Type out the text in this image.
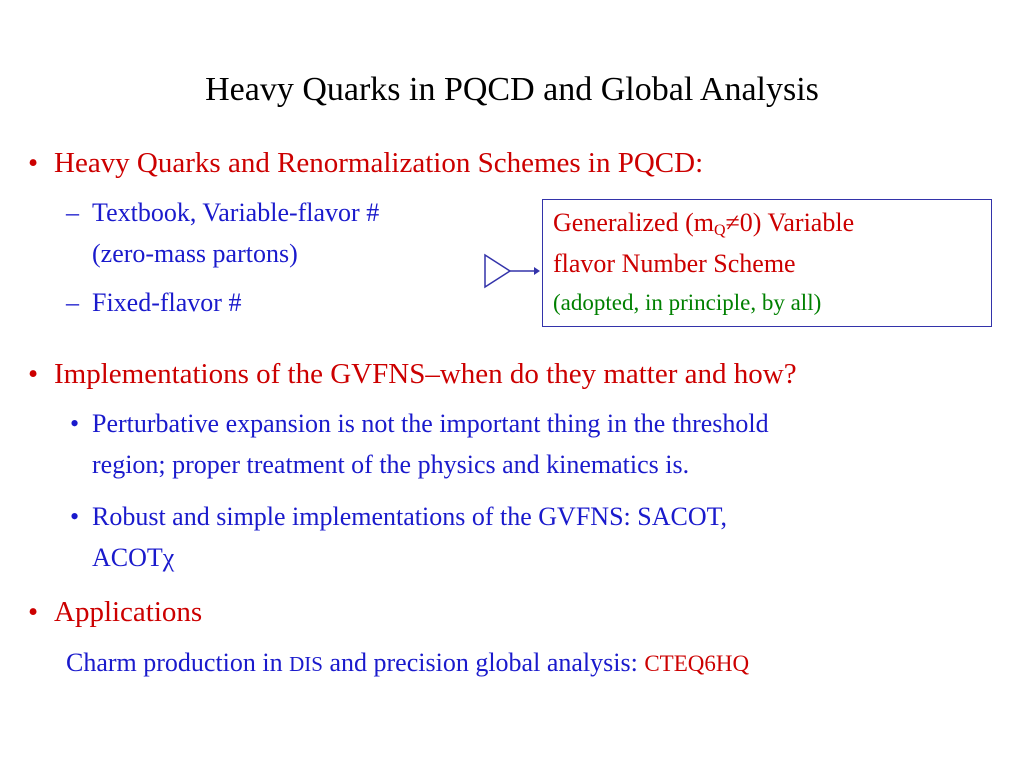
Heavy Quarks in PQCD and Global Analysis
• Heavy Quarks and Renormalization Schemes in PQCD:
– Textbook, Variable-flavor #
(zero-mass partons)
– Fixed-flavor #
Generalized $(m_Q\ne 0)$ Variable
flavor Number Scheme
(adopted, in principle, by all)
• Implementations of the GVFNS–when do they matter and how?
• Perturbative expansion is not the important thing in the threshold
region; proper treatment of the physics and kinematics is.
• Robust and simple implementations of the GVFNS: SACOT,
ACOTχ
• Applications
Charm production in DIS and precision global analysis: CTEQ6HQ
